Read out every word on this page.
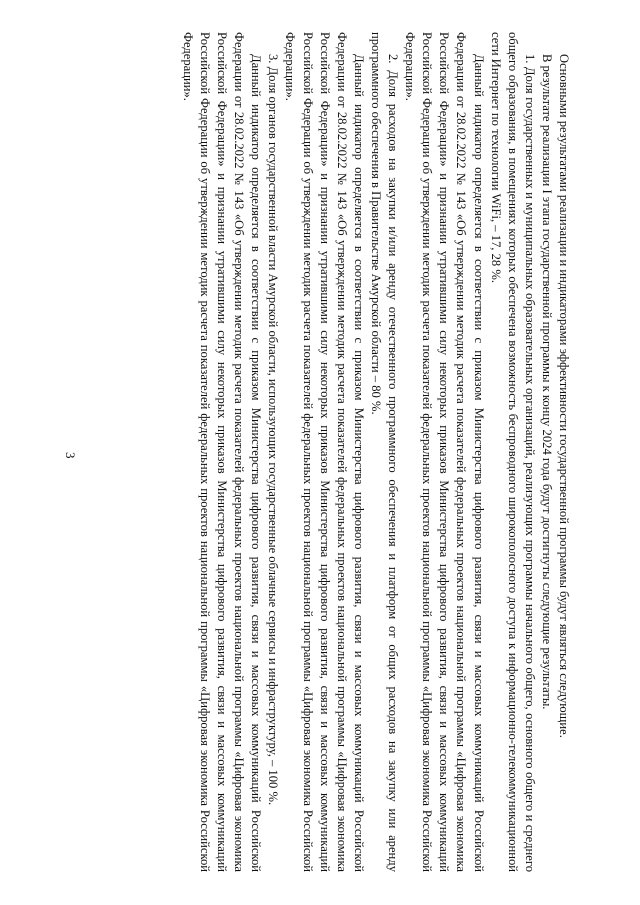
3	Основными результатами реализации и индикаторами эффективности государственной программы будут являться следующие.

В результате реализации I этапа государственной программы к концу 2024 года будут достигнуты следующие результаты.

1. Доля государственных и муниципальных образовательных организаций, реализующих программы начального общего, основного общего и среднего общего образования, в помещениях которых обеспечена возможность беспроводного широкополосного доступа к информационно-телекоммуникационной сети Интернет по технологии WiFi, – 17, 28 %.

Данный индикатор определяется в соответствии с приказом Министерства цифрового развития, связи и массовых коммуникаций Российской Федерации от 28.02.2022 № 143 «Об утверждении методик расчета показателей федеральных проектов национальной программы «Цифровая экономика Российской Федерации» и признании утратившими силу некоторых приказов Министерства цифрового развития, связи и массовых коммуникаций Российской Федерации об утверждении методик расчета показателей федеральных проектов национальной программы «Цифровая экономика Российской Федерации».

2. Доля расходов на закупки и/или аренду отечественного программного обеспечения и платформ от общих расходов на закупку или аренду программного обеспечения в Правительстве Амурской области – 80 %.

Данный индикатор определяется в соответствии с приказом Министерства цифрового развития, связи и массовых коммуникаций Российской Федерации от 28.02.2022 № 143 «Об утверждении методик расчета показателей федеральных проектов национальной программы «Цифровая экономика Российской Федерации» и признании утратившими силу некоторых приказов Министерства цифрового развития, связи и массовых коммуникаций Российской Федерации об утверждении методик расчета показателей федеральных проектов национальной программы «Цифровая экономика Российской Федерации».

3. Доля органов государственной власти Амурской области, использующих государственные облачные сервисы и инфраструктуру, – 100 %.

Данный индикатор определяется в соответствии с приказом Министерства цифрового развития, связи и массовых коммуникаций Российской Федерации от 28.02.2022 № 143 «Об утверждении методик расчета показателей федеральных проектов национальной программы «Цифровая экономика Российской Федерации» и признании утратившими силу некоторых приказов Министерства цифрового развития, связи и массовых коммуникаций Российской Федерации об утверждении методик расчета показателей федеральных проектов национальной программы «Цифровая экономика Российской Федерации».
